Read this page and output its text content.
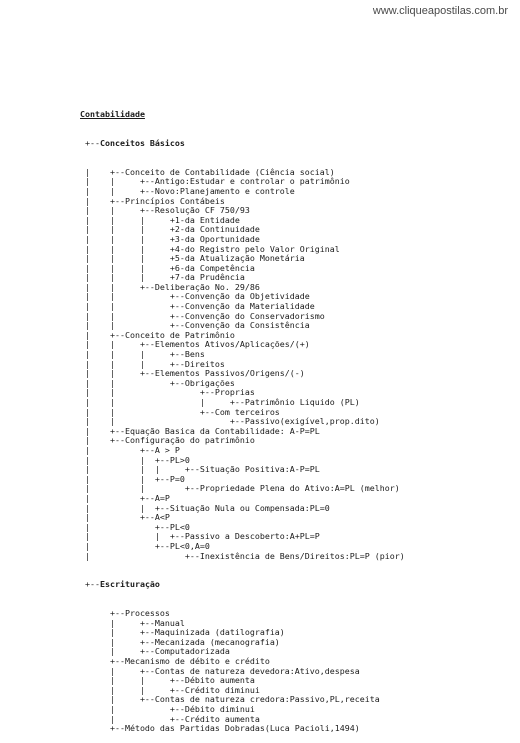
www.cliqueapostilas.com.br

Contabilidade

+--Conceitos Básicos

|    +--Conceito de Contabilidade (Ciência social)
|    |     +--Antigo:Estudar e controlar o patrimônio
|    |     +--Novo:Planejamento e controle
|    +--Princípios Contábeis
|    |     +--Resolução CF 750/93
|    |     |     +1-da Entidade
|    |     |     +2-da Continuidade
|    |     |     +3-da Oportunidade
|    |     |     +4-do Registro pelo Valor Original
|    |     |     +5-da Atualização Monetária
|    |     |     +6-da Competência
|    |     |     +7-da Prudência
|    |     +--Deliberação No. 29/86
|    |           +--Convenção da Objetividade
|    |           +--Convenção da Materialidade
|    |           +--Convenção do Conservadorismo
|    |           +--Convenção da Consistência
|    +--Conceito de Patrimônio
|    |     +--Elementos Ativos/Aplicações/(+)
|    |     |     +--Bens
|    |     |     +--Direitos
|    |     +--Elementos Passivos/Origens/(-)
|    |           +--Obrigações
|    |                 +--Proprias
|    |                 |     +--Patrimônio Liquido (PL)
|    |                 +--Com terceiros
|    |                       +--Passivo(exigível,prop.dito)
|    +--Equação Basica da Contabilidade: A-P=PL
|    +--Configuração do patrimônio
|          +--A > P
|          |  +--PL>0
|          |  |     +--Situação Positiva:A-P=PL
|          |  +--P=0
|          |        +--Propriedade Plena do Ativo:A=PL (melhor)
|          +--A=P
|          |  +--Situação Nula ou Compensada:PL=0
|          +--A<P
|             +--PL<0
|             |  +--Passivo a Descoberto:A+PL=P
|             +--PL<0,A=0
|                   +--Inexistência de Bens/Direitos:PL=P (pior)

+--Escrituração

+--Processos
|     +--Manual
|     +--Maquinizada (datilografia)
|     +--Mecanizada (mecanografia)
|     +--Computadorizada
+--Mecanismo de débito e crédito
|     +--Contas de natureza devedora:Ativo,despesa
|     |     +--Débito aumenta
|     |     +--Crédito diminui
|     +--Contas de natureza credora:Passivo,PL,receita
|           +--Débito diminui
|           +--Crédito aumenta
+--Método das Partidas Dobradas(Luca Pacioli,1494)
